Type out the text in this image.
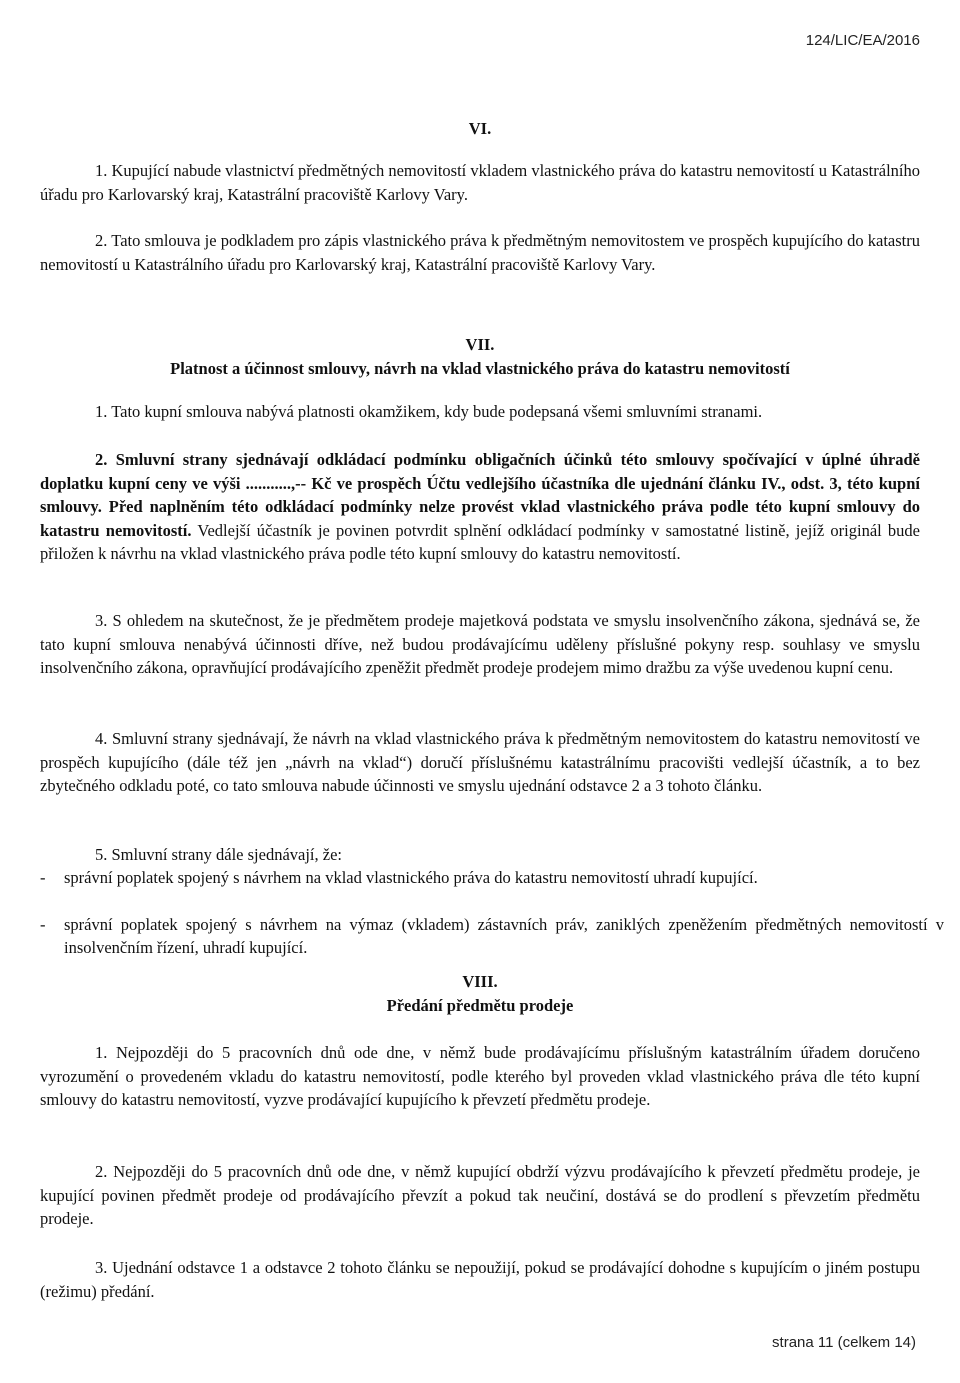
124/LIC/EA/2016
VI.

1. Kupující nabude vlastnictví předmětných nemovitostí vkladem vlastnického práva do katastru nemovitostí u Katastrálního úřadu pro Karlovarský kraj, Katastrální pracoviště Karlovy Vary.

2. Tato smlouva je podkladem pro zápis vlastnického práva k předmětným nemovitostem ve prospěch kupujícího do katastru nemovitostí u Katastrálního úřadu pro Karlovarský kraj, Katastrální pracoviště Karlovy Vary.

VII.
Platnost a účinnost smlouvy, návrh na vklad vlastnického práva do katastru nemovitostí

1. Tato kupní smlouva nabývá platnosti okamžikem, kdy bude podepsaná všemi smluvními stranami.

2. Smluvní strany sjednávají odkládací podmínku obligačních účinků této smlouvy spočívající v úplné úhradě doplatku kupní ceny ve výši ...........,-- Kč ve prospěch Účtu vedlejšího účastníka dle ujednání článku IV., odst. 3, této kupní smlouvy. Před naplněním této odkládací podmínky nelze provést vklad vlastnického práva podle této kupní smlouvy do katastru nemovitostí. Vedlejší účastník je povinen potvrdit splnění odkládací podmínky v samostatné listině, jejíž originál bude přiložen k návrhu na vklad vlastnického práva podle této kupní smlouvy do katastru nemovitostí.

3. S ohledem na skutečnost, že je předmětem prodeje majetková podstata ve smyslu insolvenčního zákona, sjednává se, že tato kupní smlouva nenabývá účinnosti dříve, než budou prodávajícímu uděleny příslušné pokyny resp. souhlasy ve smyslu insolvenčního zákona, opravňující prodávajícího zpeněžit předmět prodeje prodejem mimo dražbu za výše uvedenou kupní cenu.

4. Smluvní strany sjednávají, že návrh na vklad vlastnického práva k předmětným nemovitostem do katastru nemovitostí ve prospěch kupujícího (dále též jen „návrh na vklad“) doručí příslušnému katastrálnímu pracovišti vedlejší účastník, a to bez zbytečného odkladu poté, co tato smlouva nabude účinnosti ve smyslu ujednání odstavce 2 a 3 tohoto článku.

5. Smluvní strany dále sjednávají, že:

- správní poplatek spojený s návrhem na vklad vlastnického práva do katastru nemovitostí uhradí kupující.

- správní poplatek spojený s návrhem na výmaz (vkladem) zástavních práv, zaniklých zpeněžením předmětných nemovitostí v insolvenčním řízení, uhradí kupující.

VIII.
Předání předmětu prodeje

1. Nejpozději do 5 pracovních dnů ode dne, v němž bude prodávajícímu příslušným katastrálním úřadem doručeno vyrozumění o provedeném vkladu do katastru nemovitostí, podle kterého byl proveden vklad vlastnického práva dle této kupní smlouvy do katastru nemovitostí, vyzve prodávající kupujícího k převzetí předmětu prodeje.

2. Nejpozději do 5 pracovních dnů ode dne, v němž kupující obdrží výzvu prodávajícího k převzetí předmětu prodeje, je kupující povinen předmět prodeje od prodávajícího převzít a pokud tak neučiní, dostává se do prodlení s převzetím předmětu prodeje.

3. Ujednání odstavce 1 a odstavce 2 tohoto článku se nepoužijí, pokud se prodávající dohodne s kupujícím o jiném postupu (režimu) předání.

strana 11 (celkem 14)
